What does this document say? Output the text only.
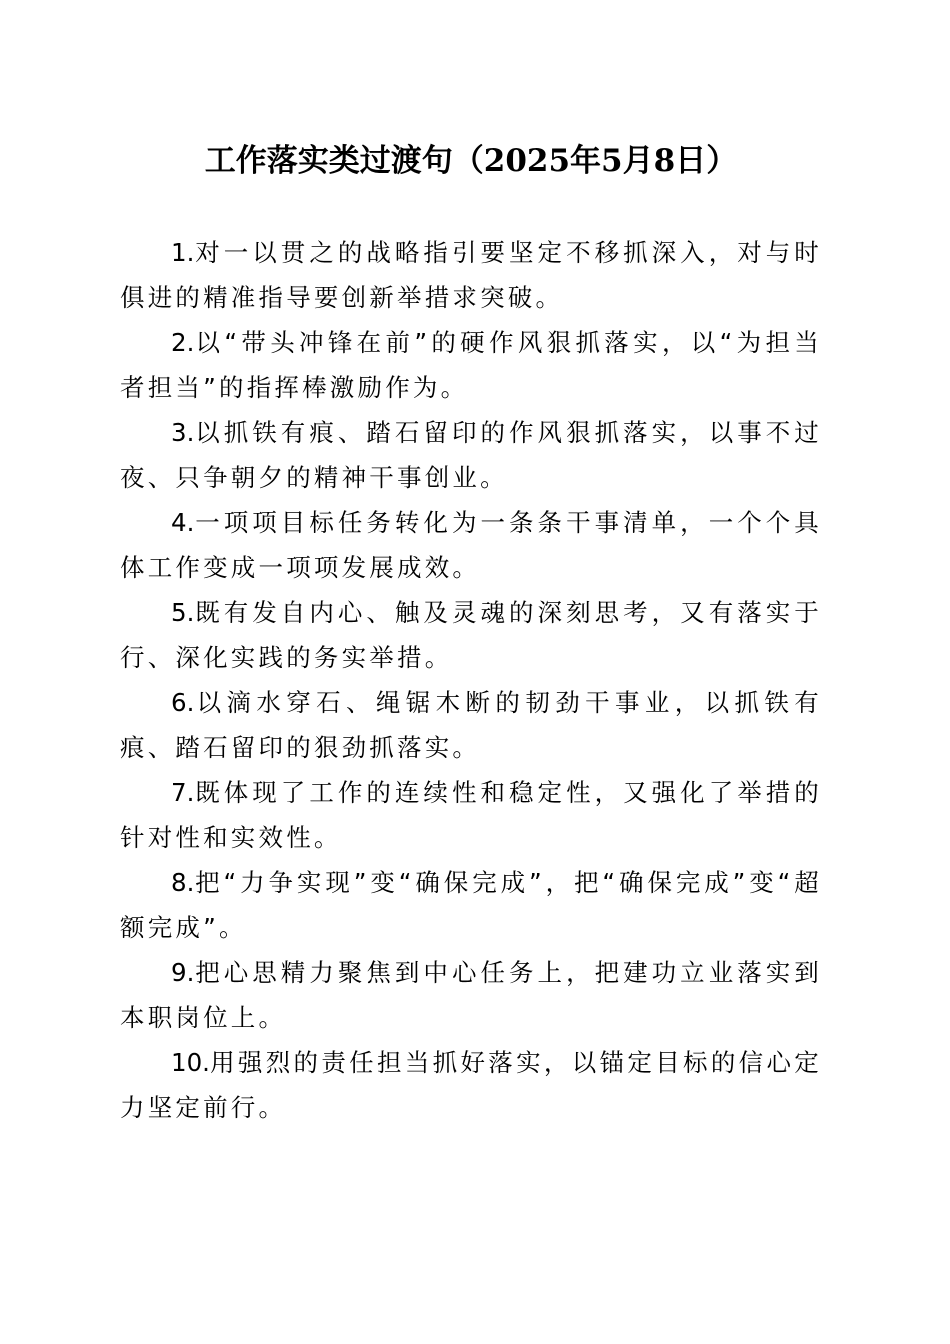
工作落实类过渡句（2025年5月8日）

1.对一以贯之的战略指引要坚定不移抓深入，对与时俱进的精准指导要创新举措求突破。

2.以“带头冲锋在前”的硬作风狠抓落实，以“为担当者担当”的指挥棒激励作为。

3.以抓铁有痕、踏石留印的作风狠抓落实，以事不过夜、只争朝夕的精神干事创业。

4.一项项目标任务转化为一条条干事清单，一个个具体工作变成一项项发展成效。

5.既有发自内心、触及灵魂的深刻思考，又有落实于行、深化实践的务实举措。

6.以滴水穿石、绳锯木断的韧劲干事业，以抓铁有痕、踏石留印的狠劲抓落实。

7.既体现了工作的连续性和稳定性，又强化了举措的针对性和实效性。

8.把“力争实现”变“确保完成”，把“确保完成”变“超额完成”。

9.把心思精力聚焦到中心任务上，把建功立业落实到本职岗位上。

10.用强烈的责任担当抓好落实，以锚定目标的信心定力坚定前行。
